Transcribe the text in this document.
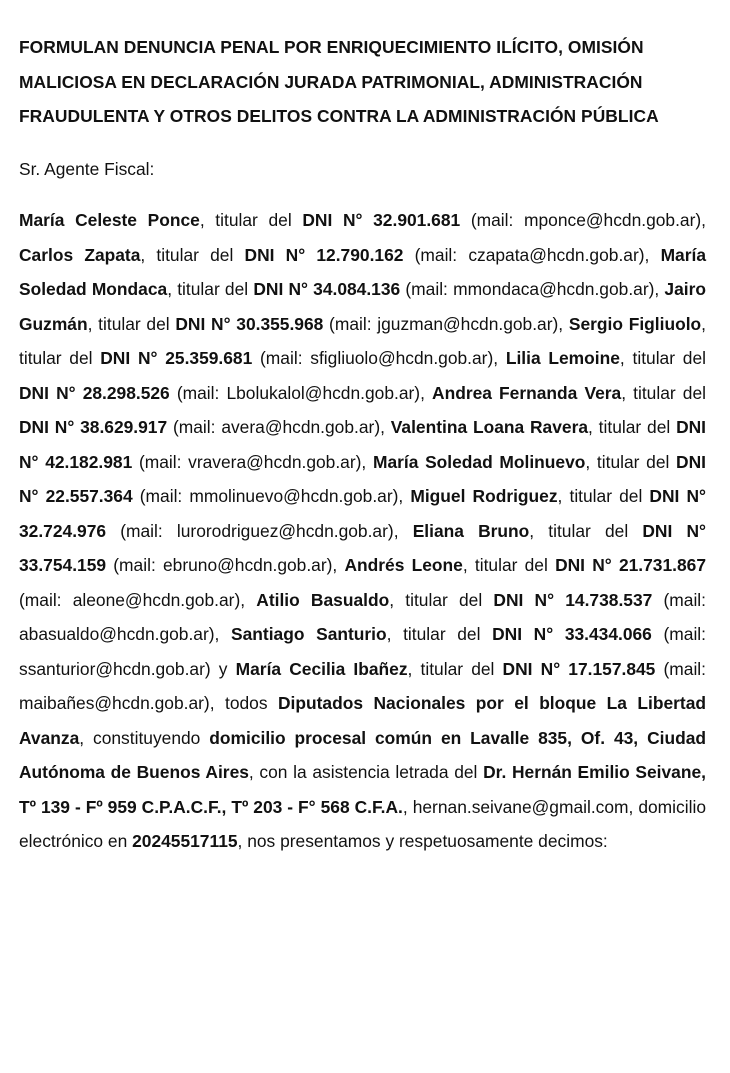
FORMULAN DENUNCIA PENAL POR ENRIQUECIMIENTO ILÍCITO, OMISIÓN MALICIOSA EN DECLARACIÓN JURADA PATRIMONIAL, ADMINISTRACIÓN FRAUDULENTA Y OTROS DELITOS CONTRA LA ADMINISTRACIÓN PÚBLICA

Sr. Agente Fiscal:

María Celeste Ponce, titular del DNI N° 32.901.681 (mail: mponce@hcdn.gob.ar), Carlos Zapata, titular del DNI N° 12.790.162 (mail: czapata@hcdn.gob.ar), María Soledad Mondaca, titular del DNI N° 34.084.136 (mail: mmondaca@hcdn.gob.ar), Jairo Guzmán, titular del DNI N° 30.355.968 (mail: jguzman@hcdn.gob.ar), Sergio Figliuolo, titular del DNI N° 25.359.681 (mail: sfigliuolo@hcdn.gob.ar), Lilia Lemoine, titular del DNI N° 28.298.526 (mail: Lbolukalol@hcdn.gob.ar), Andrea Fernanda Vera, titular del DNI N° 38.629.917 (mail: avera@hcdn.gob.ar), Valentina Loana Ravera, titular del DNI N° 42.182.981 (mail: vravera@hcdn.gob.ar), María Soledad Molinuevo, titular del DNI N° 22.557.364 (mail: mmolinuevo@hcdn.gob.ar), Miguel Rodriguez, titular del DNI N° 32.724.976 (mail: lurorodriguez@hcdn.gob.ar), Eliana Bruno, titular del DNI N° 33.754.159 (mail: ebruno@hcdn.gob.ar), Andrés Leone, titular del DNI N° 21.731.867 (mail: aleone@hcdn.gob.ar), Atilio Basualdo, titular del DNI N° 14.738.537 (mail: abasualdo@hcdn.gob.ar), Santiago Santurio, titular del DNI N° 33.434.066 (mail: ssanturior@hcdn.gob.ar) y María Cecilia Ibañez, titular del DNI N° 17.157.845 (mail: maibañes@hcdn.gob.ar), todos Diputados Nacionales por el bloque La Libertad Avanza, constituyendo domicilio procesal común en Lavalle 835, Of. 43, Ciudad Autónoma de Buenos Aires, con la asistencia letrada del Dr. Hernán Emilio Seivane, Tº 139 - Fº 959 C.P.A.C.F., Tº 203 - F° 568 C.F.A., hernan.seivane@gmail.com, domicilio electrónico en 20245517115, nos presentamos y respetuosamente decimos:
